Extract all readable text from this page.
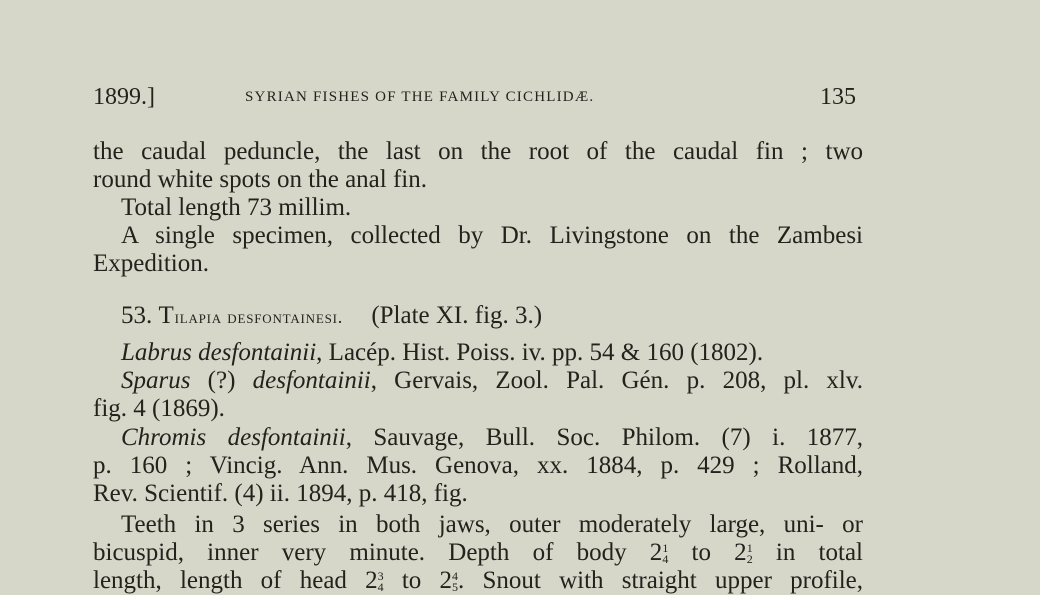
1899.]	SYRIAN FISHES OF THE FAMILY CICHLIDÆ.	135
the caudal peduncle, the last on the root of the caudal fin ; two
round white spots on the anal fin.
Total length 73 millim.
A single specimen, collected by Dr. Livingstone on the Zambesi
Expedition.
53. Tilapia desfontainesi. (Plate XI. fig. 3.)
Labrus desfontainii, Lacép. Hist. Poiss. iv. pp. 54 & 160 (1802).
Sparus (?) desfontainii, Gervais, Zool. Pal. Gén. p. 208, pl. xlv.
fig. 4 (1869).
Chromis desfontainii, Sauvage, Bull. Soc. Philom. (7) i. 1877,
p. 160 ; Vincig. Ann. Mus. Genova, xx. 1884, p. 429 ; Rolland,
Rev. Scientif. (4) ii. 1894, p. 418, fig.
Teeth in 3 series in both jaws, outer moderately large, uni- or
bicuspid, inner very minute. Depth of body 2 1
4 to 2 1
2 in total
length, length of head 2 3
4 to 2 4
5 . Snout with straight upper profile,
